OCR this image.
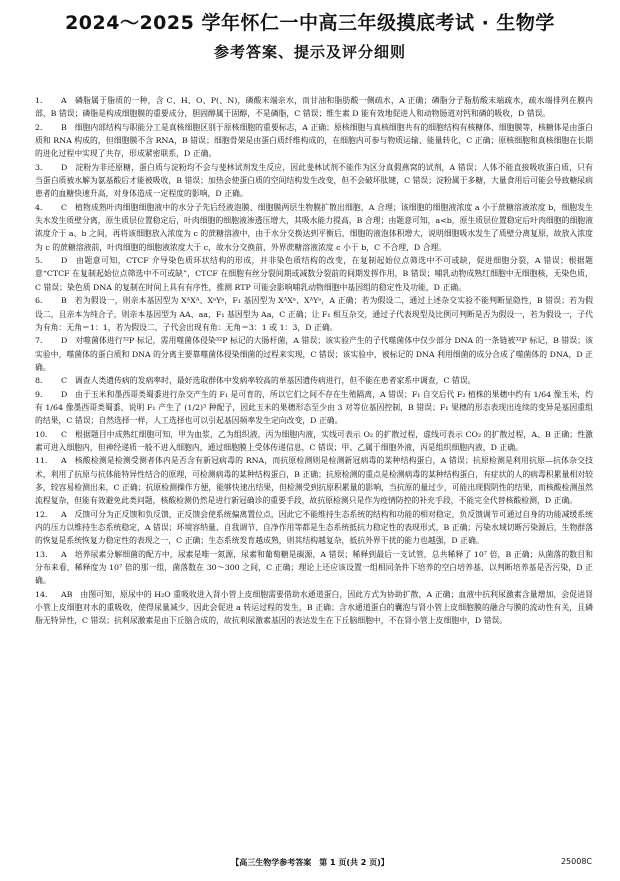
2024～2025 学年怀仁一中高三年级摸底考试 · 生物学
参考答案、提示及评分细则

1． A　磷脂属于脂质的一种，含 C、H、O、P(、N)，磷酸末端亲水，而甘油和脂肪酸一侧疏水，A 正确；磷脂分子脂肪酸末端疏水，疏水端排列在膜内部，B 错误；磷脂是构成细胞膜的重要成分，胆固醇属于固醇，不是磷脂，C 错误；维生素 D 能有效地促进人和动物肠道对钙和磷的吸收，D 错误。

2． B　细胞内部结构与职能分工是真核细胞区别于原核细胞的重要标志，A 正确；原核细胞与真核细胞共有的细胞结构有核糖体、细胞膜等，核糖体是由蛋白质和 RNA 构成的，但细胞膜不含 RNA，B 错误；细胞骨架是由蛋白质纤维构成的，在细胞内可参与物质运输、能量转化，C 正确；原核细胞和真核细胞在长期的进化过程中实现了共存，形成紧密联系，D 正确。

3． D　淀粉为非还原糖，蛋白质与淀粉均不会与斐林试剂发生反应，因此斐林试剂不能作为区分真假燕窝的试剂，A 错误；人体不能直接吸收蛋白质，只有当蛋白质被水解为氨基酸后才能被吸收，B 错误；加热会使蛋白质的空间结构发生改变，但不会破坏肽键，C 错误；淀粉属于多糖，大量食用后可能会导致糖尿病患者的血糖快速升高，对身体造成一定程度的影响，D 正确。

4． C　植物成熟叶肉细胞细胞液中的水分子先后经液泡膜、细胞膜两层生物膜扩散出细胞，A 合理；该细胞的细胞液浓度 a 小于蔗糖溶液浓度 b，细胞发生失水发生质壁分离，原生质层位置稳定后，叶肉细胞的细胞液渗透压增大，其吸水能力提高，B 合理；由题意可知，a<b，原生质层位置稳定后叶肉细胞的细胞液浓度介于 a、b 之间，再将该细胞放入浓度为 c 的蔗糖溶液中，由于水分交换达到平衡后，细胞的液泡体积增大，说明细胞吸水发生了质壁分离复原，故放入浓度为 c 的蔗糖溶液前，叶肉细胞的细胞液浓度大于 c，故水分交换前，外界蔗糖溶液浓度 c 小于 b，C 不合理，D 合理。

5． D　由题意可知，CTCF 介导染色质环状结构的形成，并非染色质结构的改变，在复制起始位点筛选中不可或缺，促进细胞分裂，A 错误；根据题意“CTCF 在复制起始位点筛选中不可或缺”，CTCF 在细胞有丝分裂间期或减数分裂前的间期发挥作用，B 错误；哺乳动物成熟红细胞中无细胞核，无染色质，C 错误；染色质 DNA 的复制在时间上具有有序性，推测 RTP 可能会影响哺乳动物细胞中基因组的稳定性及功能，D 正确。

6． B　若为假设一，则亲本基因型为 XᴬXᴬ、XᵃYᵃ，F₁ 基因型为 XᴬXᵃ、XᴬYᵃ，A 正确；若为假设二，通过上述杂交实验不能判断显隐性，B 错误；若为假设二，且亲本为纯合子，则亲本基因型为 AA、aa，F₁ 基因型为 Aa，C 正确；让 F₁ 相互杂交，通过子代表现型及比例可判断是否为假设一，若为假设一，子代为有角：无角＝1：1，若为假设二，子代会出现有角：无角＝3：1 或 1：3，D 正确。

7． D　对噬菌体进行³²P 标记，需用噬菌体侵染³²P 标记的大肠杆菌，A 错误；该实验产生的子代噬菌体中仅少部分 DNA 的一条链被³²P 标记，B 错误；该实验中，噬菌体的蛋白质和 DNA 的分离主要靠噬菌体侵染细菌的过程来实现，C 错误；该实验中，被标记的 DNA 利用细菌的成分合成了噬菌体的 DNA，D 正确。

8． C　调查人类遗传病的发病率时，最好选取群体中发病率较高的单基因遗传病进行，但不能在患者家系中调查，C 错误。

9． D　由于玉米和墨西哥类蜀黍进行杂交产生的 F₁ 是可育的，所以它们之间不存在生殖隔离，A 错误；F₁ 自交后代 F₂ 植株的果穗中约有 1/64 像玉米，约有 1/64 像墨西哥类蜀黍，说明 F₁ 产生了 (1/2)³ 种配子，因此玉米的果穗形态至少由 3 对等位基因控制，B 错误；F₁ 果穗的形态表现出连续的变异是基因重组的结果，C 错误；自然选择一样，人工选择也可以引起基因频率发生定向改变，D 正确。

10． C　根据题目中成熟红细胞可知，甲为血浆，乙为组织液，丙为细胞内液，实线可表示 O₂ 的扩散过程，虚线可表示 CO₂ 的扩散过程，A、B 正确；性激素可进入细胞内，但神经递质一般不进入细胞内，通过细胞膜上受体传递信息，C 错误；甲、乙属于细胞外液，丙是组织细胞内液，D 正确。

11． A　核酸检测是检测受测者体内是否含有新冠病毒的 RNA，而抗原检测则是检测新冠病毒的某种结构蛋白，A 错误；抗原检测是利用抗原—抗体杂交技术，利用了抗原与抗体能特异性结合的原理，可检测病毒的某种结构蛋白，B 正确；抗原检测的重点是检测病毒的某种结构蛋白，有症状的人的病毒积累量相对较多，较容易检测出来，C 正确；抗原检测操作方便，能够快速出结果，但检测受到抗原积累量的影响，当抗原的量过少，可能出现假阴性的结果，而核酸检测虽然流程复杂，但能有效避免此类问题，核酸检测仍然是进行新冠确诊的重要手段，故抗原检测只是作为疫情防控的补充手段，不能完全代替核酸检测，D 正确。

12． A　反馈可分为正反馈和负反馈，正反馈会使系统偏离置位点，因此它不能维持生态系统的结构和功能的相对稳定，负反馈调节可通过自身的功能减缓系统内的压力以维持生态系统稳定，A 错误；环境容纳量、自我调节、自净作用等都是生态系统抵抗力稳定性的表现形式，B 正确；污染水域切断污染源后，生物群落的恢复是系统恢复力稳定性的表现之一，C 正确；生态系统发育越成熟，则其结构越复杂，抵抗外界干扰的能力也越强，D 正确。

13． A　培养尿素分解细菌的配方中，尿素是唯一氮源，尿素和葡萄糖是碳源，A 错误；稀释到最后一支试管，总共稀释了 10⁷ 倍，B 正确；从菌落的数目和分布来看，稀释度为 10⁷ 倍的那一组，菌落数在 30～300 之间，C 正确；理论上还应该设置一组相同条件下培养的空白培养基，以判断培养基是否污染，D 正确。

14． AB　由图可知，原尿中的 H₂O 重吸收进入肾小管上皮细胞需要借助水通道蛋白，因此方式为协助扩散，A 正确；血液中抗利尿激素含量增加，会促进肾小管上皮细胞对水的重吸收，使得尿量减少，因此会促进 a 转运过程的发生，B 正确；含水通道蛋白的囊泡与肾小管上皮细胞膜的融合与膜的流动性有关，且磷脂无特异性，C 错误；抗利尿激素是由下丘脑合成的，故抗利尿激素基因的表达发生在下丘脑细胞中，不在肾小管上皮细胞中，D 错误。

【高三生物学参考答案　第 1 页(共 2 页)】	25008C
